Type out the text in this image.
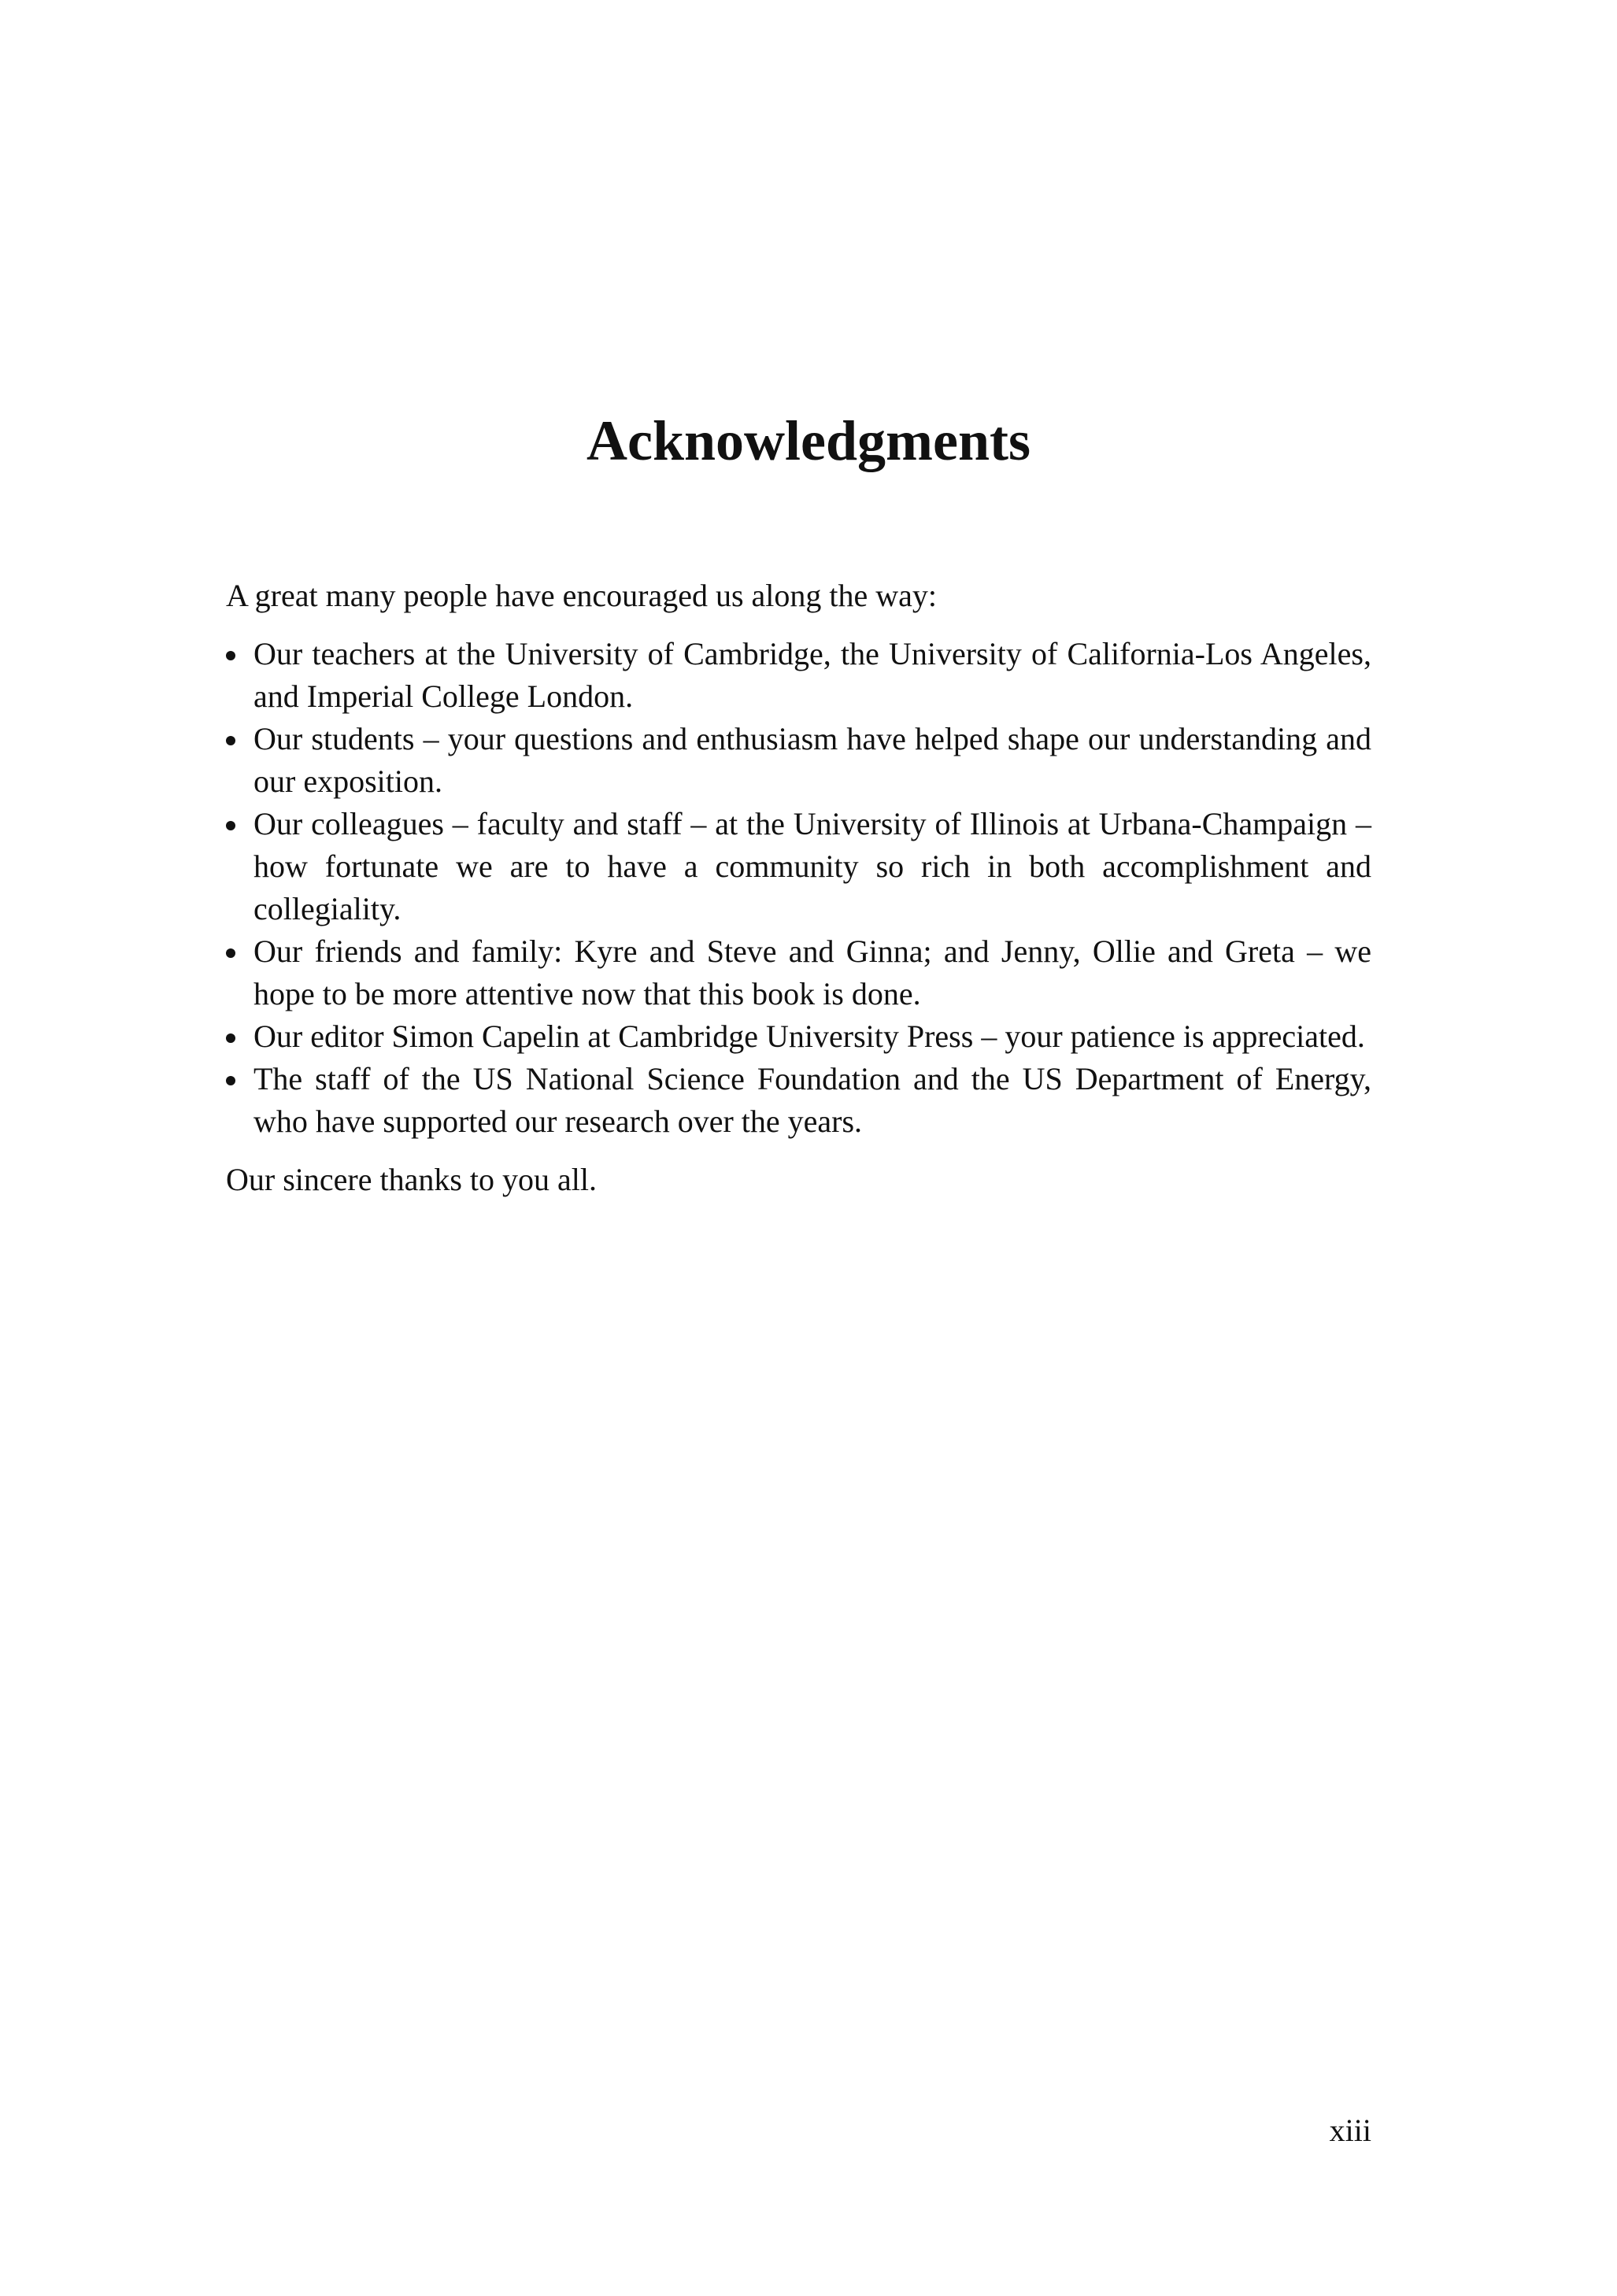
Acknowledgments

A great many people have encouraged us along the way:

Our teachers at the University of Cambridge, the University of California-Los Angeles, and Imperial College London.
Our students – your questions and enthusiasm have helped shape our understanding and our exposition.
Our colleagues – faculty and staff – at the University of Illinois at Urbana-Champaign – how fortunate we are to have a community so rich in both accomplishment and collegiality.
Our friends and family: Kyre and Steve and Ginna; and Jenny, Ollie and Greta – we hope to be more attentive now that this book is done.
Our editor Simon Capelin at Cambridge University Press – your patience is appreciated.
The staff of the US National Science Foundation and the US Department of Energy, who have supported our research over the years.

Our sincere thanks to you all.

xiii
